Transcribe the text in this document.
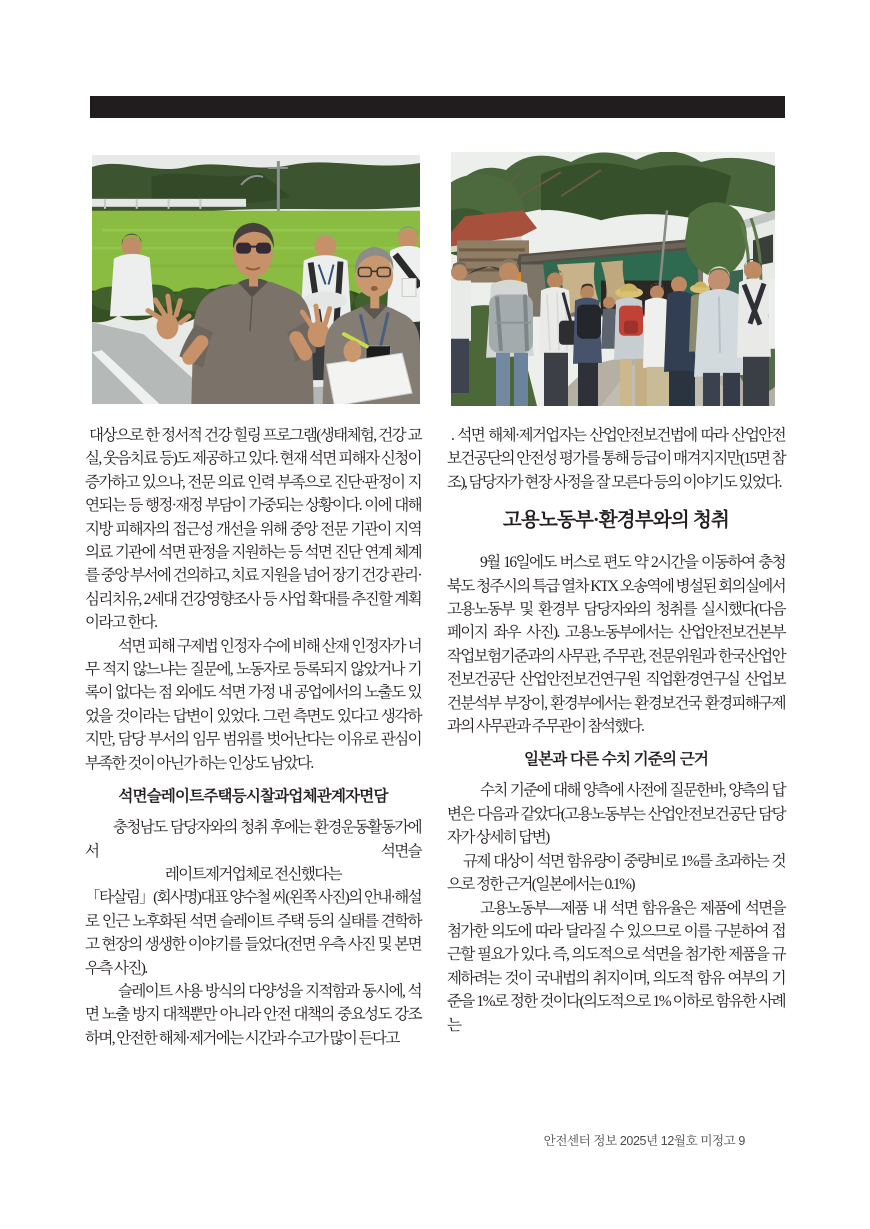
대상으로 한 정서적 건강 힐링 프로그램(생태체험, 건강 교실, 웃음치료 등)도 제공하고 있다. 현재 석면 피해자 신청이 증가하고 있으나, 전문 의료 인력 부족으로 진단·판정이 지연되는 등 행정·재정 부담이 가중되는 상황이다. 이에 대해 지방 피해자의 접근성 개선을 위해 중앙 전문 기관이 지역 의료 기관에 석면 판정을 지원하는 등 석면 진단 연계 체계를 중앙 부서에 건의하고, 치료 지원을 넘어 장기 건강 관리·심리치유, 2세대 건강영향조사 등 사업 확대를 추진할 계획이라고 한다.

석면 피해 구제법 인정자 수에 비해 산재 인정자가 너무 적지 않느냐는 질문에, 노동자로 등록되지 않았거나 기록이 없다는 점 외에도 석면 가정 내 공업에서의 노출도 있었을 것이라는 답변이 있었다. 그런 측면도 있다고 생각하지만, 담당 부서의 임무 범위를 벗어난다는 이유로 관심이 부족한 것이 아닌가 하는 인상도 남았다.

석면슬레이트주택등시찰과업체관계자면담

충청남도 담당자와의 청취 후에는 환경운동활동가에서 석면슬

레이트제거업체로 전신했다는

「타살림」(회사명)대표 양수철 씨(왼쪽 사진)의 안내·해설로 인근 노후화된 석면 슬레이트 주택 등의 실태를 견학하고 현장의 생생한 이야기를 들었다(전면 우측 사진 및 본면 우측 사진).

슬레이트 사용 방식의 다양성을 지적함과 동시에, 석면 노출 방지 대책뿐만 아니라 안전 대책의 중요성도 강조하며, 안전한 해체·제거에는 시간과 수고가 많이 든다고

. 석면 해체·제거업자는 산업안전보건법에 따라 산업안전보건공단의 안전성 평가를 통해 등급이 매겨지지만(15면 참조), 담당자가 현장 사정을 잘 모른다 등의 이야기도 있었다.

고용노동부·환경부와의 청취

9월 16일에도 버스로 편도 약 2시간을 이동하여 충청북도 청주시의 특급 열차 KTX 오송역에 병설된 회의실에서 고용노동부 및 환경부 담당자와의 청취를 실시했다(다음 페이지 좌우 사진). 고용노동부에서는 산업안전보건본부 작업보험기준과의 사무관, 주무관, 전문위원과 한국산업안전보건공단 산업안전보건연구원 직업환경연구실 산업보건분석부 부장이, 환경부에서는 환경보건국 환경피해구제과의 사무관과 주무관이 참석했다.

일본과 다른 수치 기준의 근거

수치 기준에 대해 양측에 사전에 질문한바, 양측의 답변은 다음과 같았다(고용노동부는 산업안전보건공단 담당자가 상세히 답변)

규제 대상이 석면 함유량이 중량비로 1%를 초과하는 것으로 정한 근거(일본에서는 0.1%)

고용노동부—제품 내 석면 함유율은 제품에 석면을 첨가한 의도에 따라 달라질 수 있으므로 이를 구분하여 접근할 필요가 있다. 즉, 의도적으로 석면을 첨가한 제품을 규제하려는 것이 국내법의 취지이며, 의도적 함유 여부의 기준을 1%로 정한 것이다(의도적으로 1% 이하로 함유한 사례는

안전센터 정보 2025년 12월호 미정고 9
